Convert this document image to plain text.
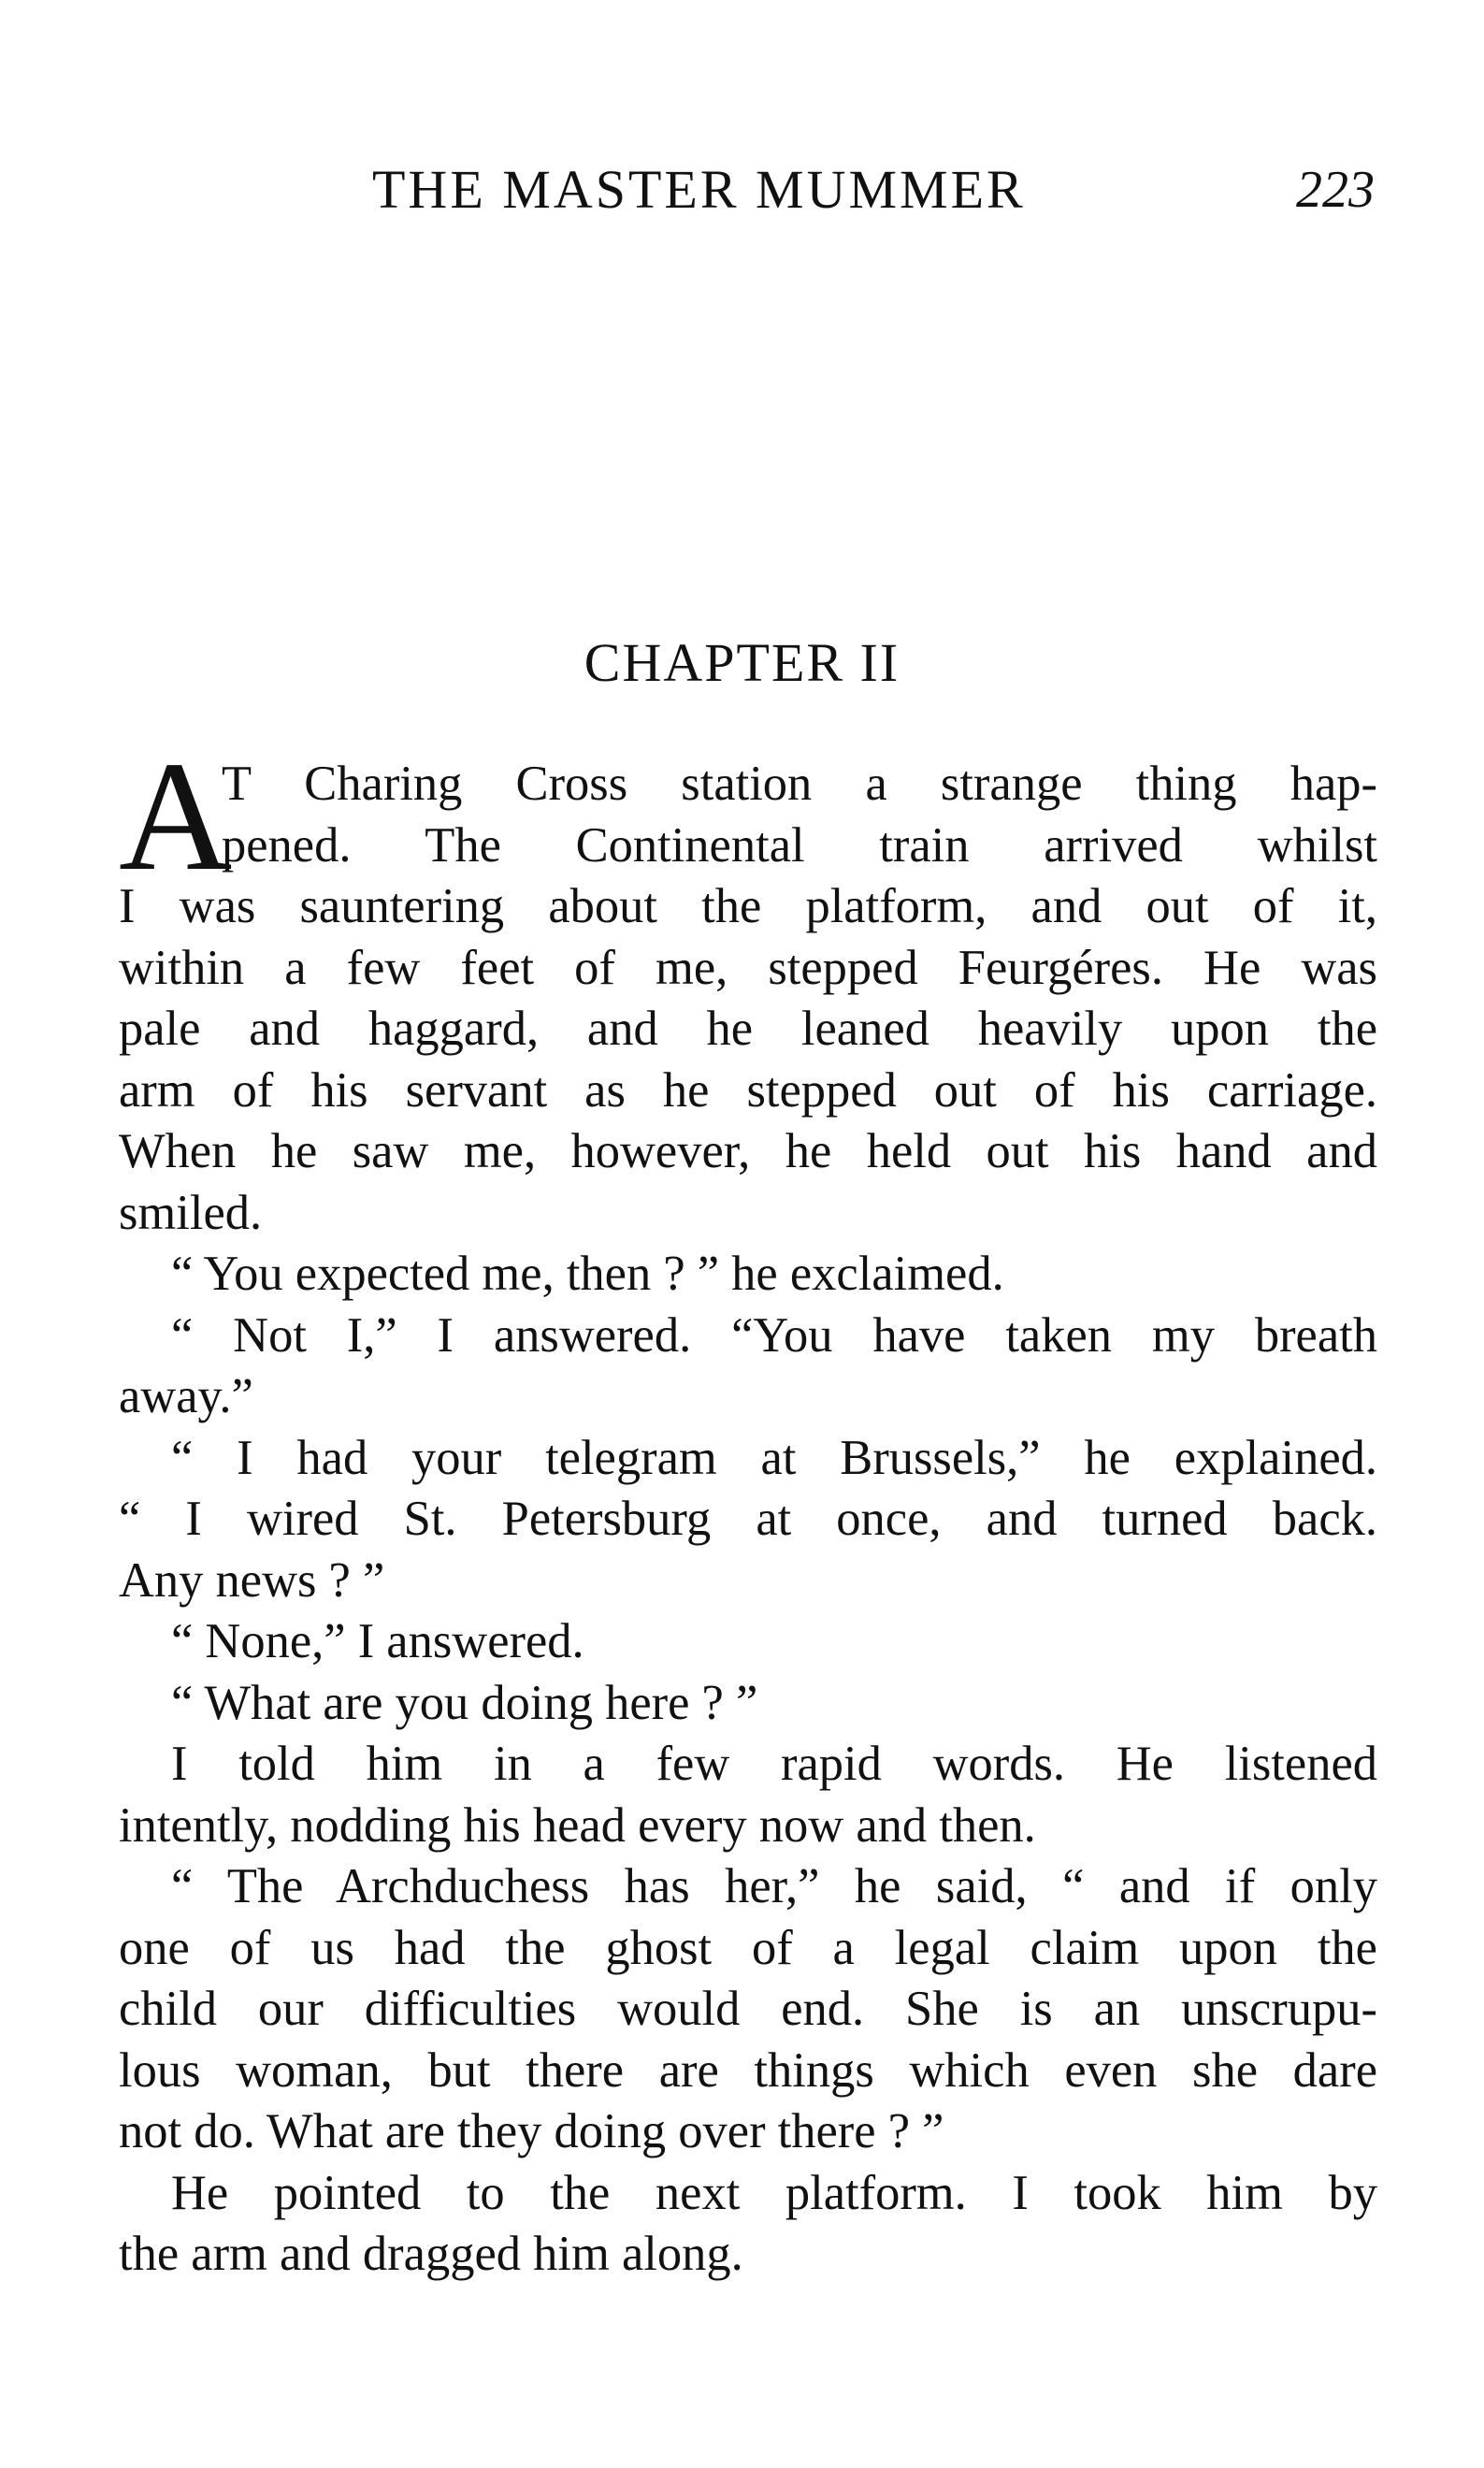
THE MASTER MUMMER	223
CHAPTER II
A
T Charing Cross station a strange thing hap-
pened. The Continental train arrived whilst
I was sauntering about the platform, and out of it,
within a few feet of me, stepped Feurgéres. He was
pale and haggard, and he leaned heavily upon the
arm of his servant as he stepped out of his carriage.
When he saw me, however, he held out his hand and
smiled.
“ You expected me, then ? ” he exclaimed.
“ Not I,” I answered. “You have taken my breath
away.”
“ I had your telegram at Brussels,” he explained.
“ I wired St. Petersburg at once, and turned back.
Any news ? ”
“ None,” I answered.
“ What are you doing here ? ”
I told him in a few rapid words. He listened
intently, nodding his head every now and then.
“ The Archduchess has her,” he said, “ and if only
one of us had the ghost of a legal claim upon the
child our difficulties would end. She is an unscrupu-
lous woman, but there are things which even she dare
not do. What are they doing over there ? ”
He pointed to the next platform. I took him by
the arm and dragged him along.
